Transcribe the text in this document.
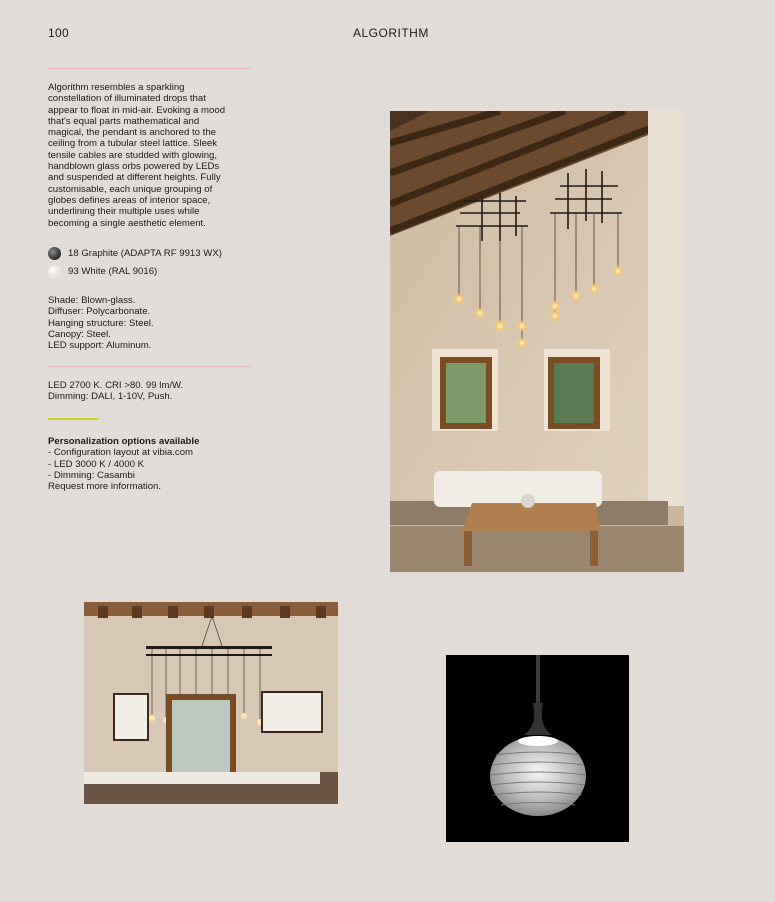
100	ALGORITHM
Algorithm resembles a sparkling
constellation of illuminated drops that
appear to float in mid-air. Evoking a mood
that's equal parts mathematical and
magical, the pendant is anchored to the
ceiling from a tubular steel lattice. Sleek
tensile cables are studded with glowing,
handblown glass orbs powered by LEDs
and suspended at different heights. Fully
customisable, each unique grouping of
globes defines areas of interior space,
underlining their multiple uses while
becoming a single aesthetic element.
18 Graphite (ADAPTA RF 9913 WX)
93 White (RAL 9016)
Shade: Blown-glass.
Diffuser: Polycarbonate.
Hanging structure: Steel.
Canopy: Steel.
LED support: Aluminum.
LED 2700 K. CRI >80. 99 lm/W.
Dimming: DALI, 1-10V, Push.
Personalization options available
- Configuration layout at vibia.com
- LED 3000 K / 4000 K
- Dimming: Casambi
Request more information.
